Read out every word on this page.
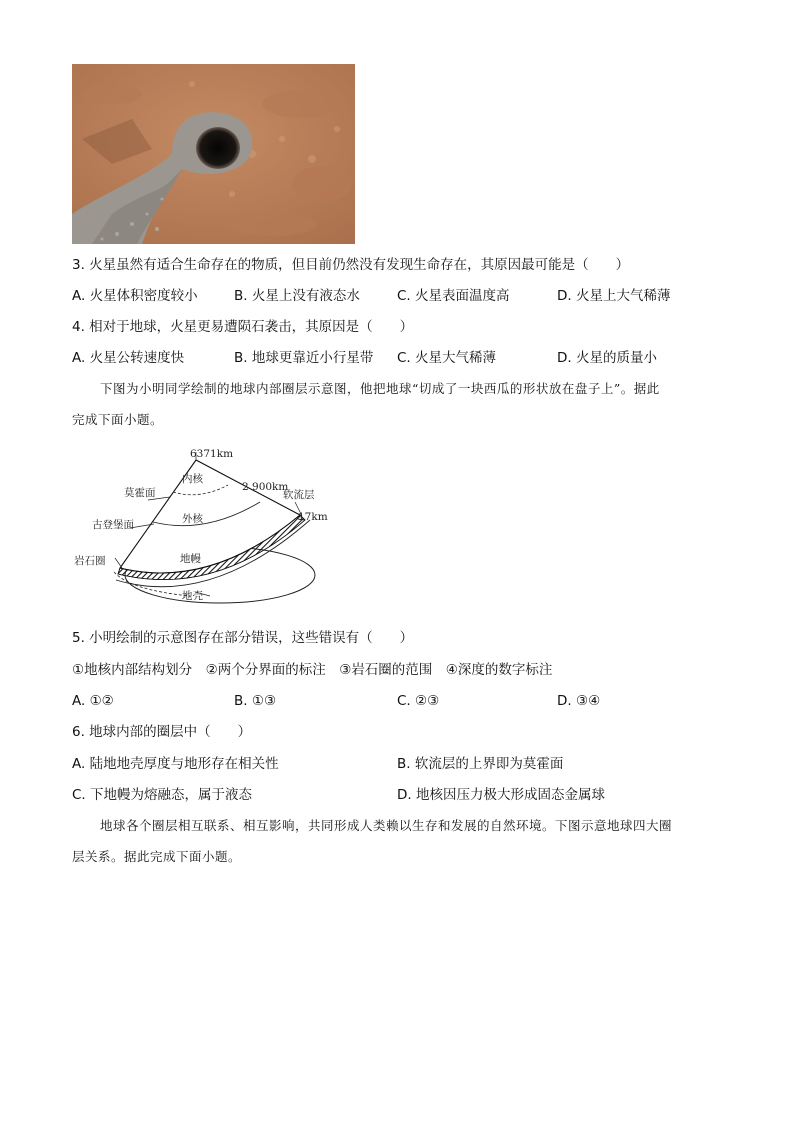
3. 火星虽然有适合生命存在的物质，但目前仍然没有发现生命存在，其原因最可能是（　　）
A. 火星体积密度较小	B. 火星上没有液态水	C. 火星表面温度高	D. 火星上大气稀薄
4. 相对于地球，火星更易遭陨石袭击，其原因是（　　）
A. 火星公转速度快	B. 地球更靠近小行星带 C. 火星大气稀薄	D. 火星的质量小
下图为小明同学绘制的地球内部圈层示意图，他把地球“切成了一块西瓜的形状放在盘子上”。据此
完成下面小题。
6371km
内核
2 900km
莫霍面	软流层
17km
古登堡面	外核
岩石圈	地幔
地壳
5. 小明绘制的示意图存在部分错误，这些错误有（　　）
①地核内部结构划分　②两个分界面的标注　③岩石圈的范围　④深度的数字标注
A. ①②	B. ①③	C. ②③	D. ③④
6. 地球内部的圈层中（　　）
A. 陆地地壳厚度与地形存在相关性	B. 软流层的上界即为莫霍面
C. 下地幔为熔融态，属于液态	D. 地核因压力极大形成固态金属球
地球各个圈层相互联系、相互影响，共同形成人类赖以生存和发展的自然环境。下图示意地球四大圈
层关系。据此完成下面小题。
